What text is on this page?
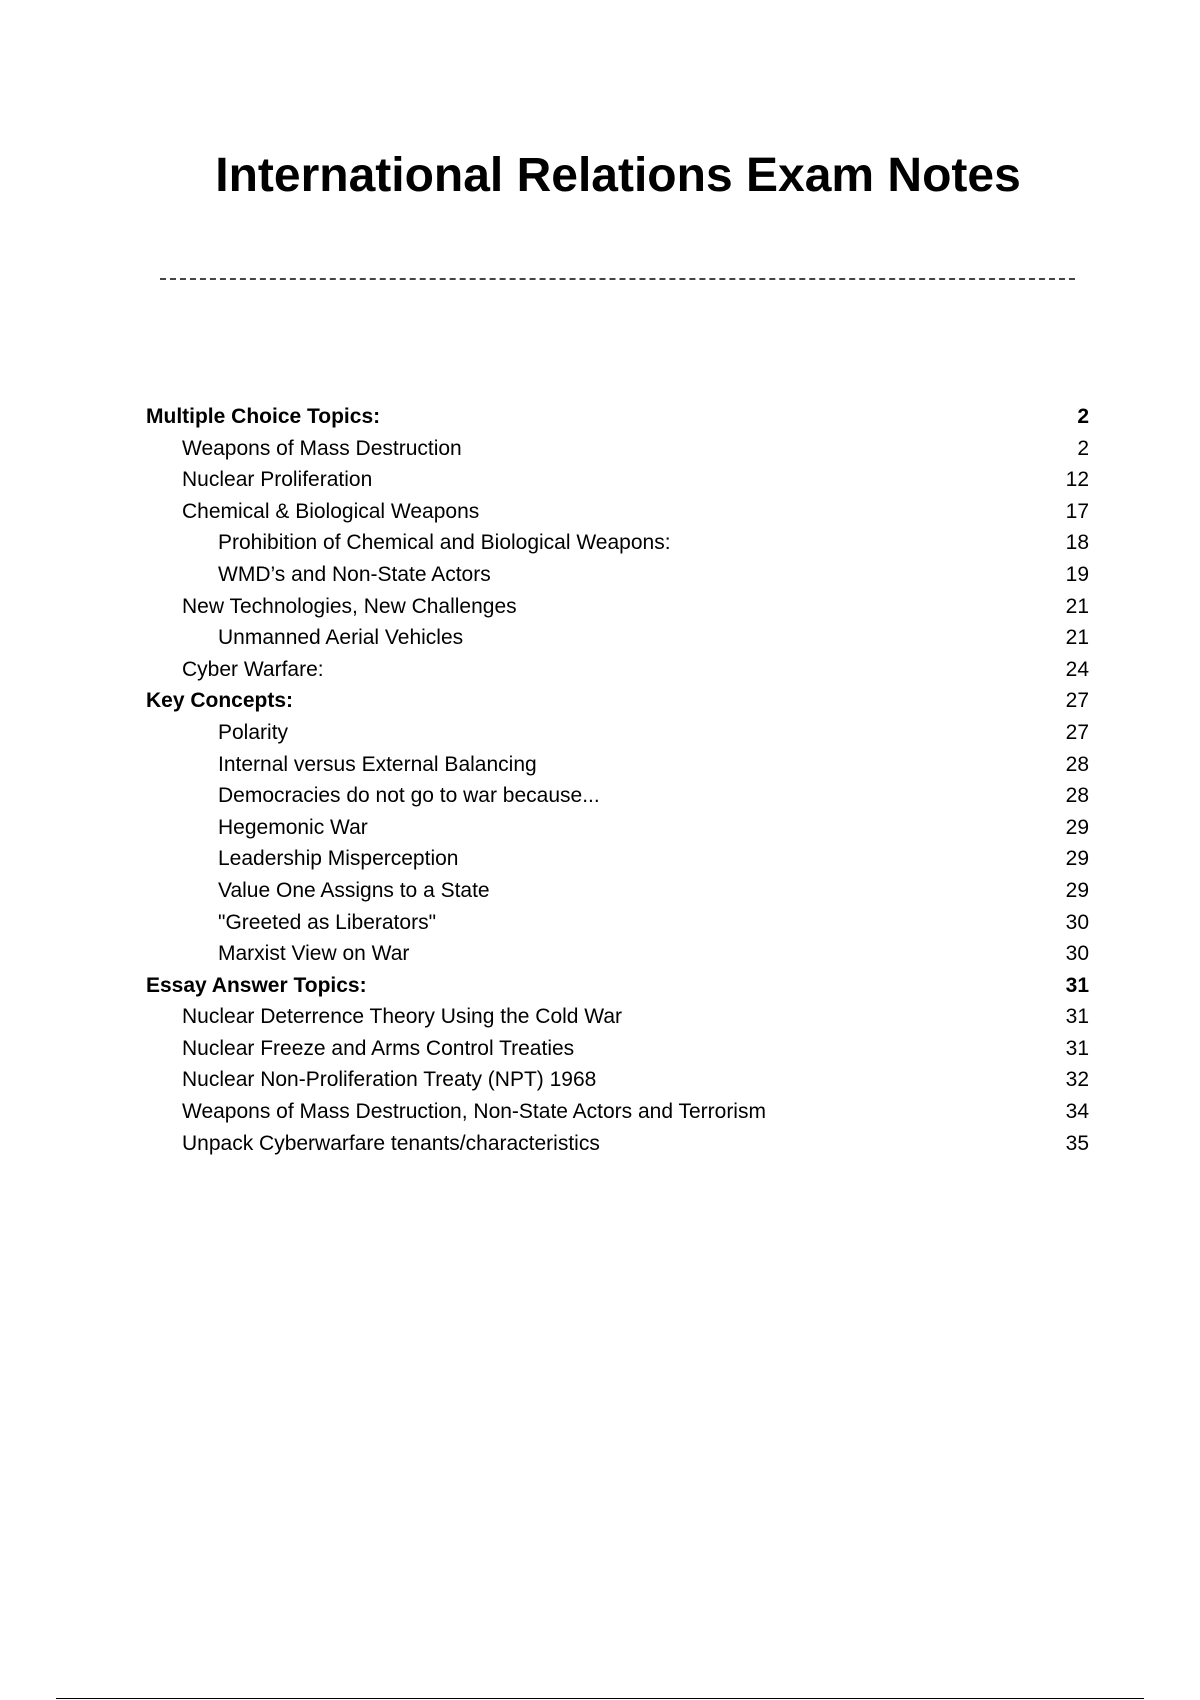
International Relations Exam Notes
Multiple Choice Topics:	2
Weapons of Mass Destruction	2
Nuclear Proliferation	12
Chemical & Biological Weapons	17
Prohibition of Chemical and Biological Weapons:	18
WMD’s and Non-State Actors	19
New Technologies, New Challenges	21
Unmanned Aerial Vehicles	21
Cyber Warfare:	24
Key Concepts:	27
Polarity	27
Internal versus External Balancing	28
Democracies do not go to war because...	28
Hegemonic War	29
Leadership Misperception	29
Value One Assigns to a State	29
"Greeted as Liberators"	30
Marxist View on War	30
Essay Answer Topics:	31
Nuclear Deterrence Theory Using the Cold War	31
Nuclear Freeze and Arms Control Treaties	31
Nuclear Non-Proliferation Treaty (NPT) 1968	32
Weapons of Mass Destruction, Non-State Actors and Terrorism	34
Unpack Cyberwarfare tenants/characteristics	35
